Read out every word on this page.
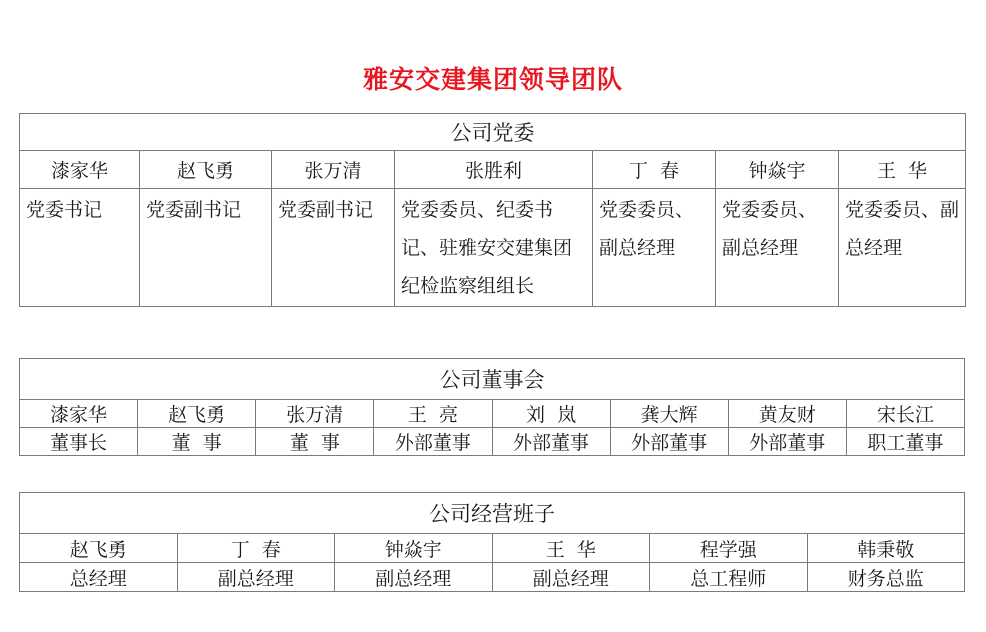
雅安交建集团领导团队
公司党委						
漆家华	赵飞勇	张万清	张胜利	丁  春	钟焱宇	王  华
党委书记	党委副书记	党委副书记	党委委员、纪委书记、驻雅安交建集团纪检监察组组长	党委委员、副总经理	党委委员、副总经理	党委委员、副总经理
公司董事会							
漆家华	赵飞勇	张万清	王  亮	刘  岚	龚大辉	黄友财	宋长江
董事长	董  事	董  事	外部董事	外部董事	外部董事	外部董事	职工董事
公司经营班子					
赵飞勇	丁  春	钟焱宇	王  华	程学强	韩秉敬
总经理	副总经理	副总经理	副总经理	总工程师	财务总监
